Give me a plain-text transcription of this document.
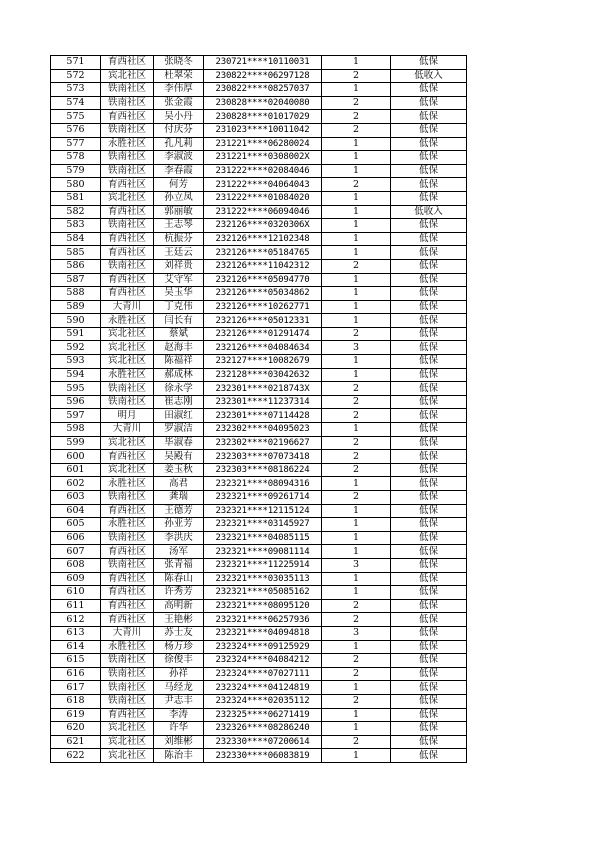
571	育西社区	张晓冬	230721****10110031	1	低保
572	宾北社区	杜翠荣	230822****06297128	2	低收入
573	铁南社区	李伟厚	230822****08257037	1	低保
574	铁南社区	张金霞	230828****02040080	2	低保
575	育西社区	吴小丹	230828****01017029	2	低保
576	铁南社区	付庆芬	231023****10011042	2	低保
577	永胜社区	孔凡莉	231221****06280024	1	低保
578	铁南社区	李淑波	231221****0308002X	1	低保
579	铁南社区	李春霞	231222****02084046	1	低保
580	育西社区	何芳	231222****04064043	2	低保
581	宾北社区	孙立凤	231222****01084020	1	低保
582	育西社区	郭丽敏	231222****06094046	1	低收入
583	铁南社区	王志琴	232126****0320306X	1	低保
584	育西社区	杭振芬	232126****12102348	1	低保
585	育西社区	王廷云	232126****05184765	1	低保
586	铁南社区	刘祥贵	232126****11042312	2	低保
587	育西社区	艾守军	232126****05094770	1	低保
588	育西社区	吴玉华	232126****05034862	1	低保
589	大青川	丁克伟	232126****10262771	1	低保
590	永胜社区	闫长有	232126****05012331	1	低保
591	宾北社区	蔡斌	232126****01291474	2	低保
592	宾北社区	赵海丰	232126****04084634	3	低保
593	宾北社区	陈福祥	232127****10082679	1	低保
594	永胜社区	郝成林	232128****03042632	1	低保
595	铁南社区	徐永学	232301****0218743X	2	低保
596	铁南社区	崔志刚	232301****11237314	2	低保
597	明月	田淑红	232301****07114428	2	低保
598	大青川	罗淑洁	232302****04095023	1	低保
599	宾北社区	毕淑春	232302****02196627	2	低保
600	育西社区	吴殿有	232303****07073418	2	低保
601	宾北社区	姜玉秋	232303****08186224	2	低保
602	永胜社区	高君	232321****08094316	1	低保
603	铁南社区	龚瑞	232321****09261714	2	低保
604	育西社区	王德芳	232321****12115124	1	低保
605	永胜社区	孙亚芳	232321****03145927	1	低保
606	铁南社区	李洪庆	232321****04085115	1	低保
607	育西社区	汤军	232321****09081114	1	低保
608	铁南社区	张青福	232321****11225914	3	低保
609	育西社区	陈春山	232321****03035113	1	低保
610	育西社区	许秀芳	232321****05085162	1	低保
611	育西社区	高明新	232321****08095120	2	低保
612	育西社区	王艳彬	232321****06257936	2	低保
613	大青川	苏士友	232321****04094818	3	低保
614	永胜社区	杨万珍	232324****09125929	1	低保
615	铁南社区	徐俊丰	232324****04084212	2	低保
616	铁南社区	孙祥	232324****07027111	2	低保
617	铁南社区	马经龙	232324****04124819	1	低保
618	铁南社区	尹志丰	232324****02035112	2	低保
619	育西社区	李涛	232325****06271419	1	低保
620	宾北社区	许华	232326****08286240	1	低保
621	宾北社区	刘维彬	232330****07200614	2	低保
622	宾北社区	陈治丰	232330****06083819	1	低保
